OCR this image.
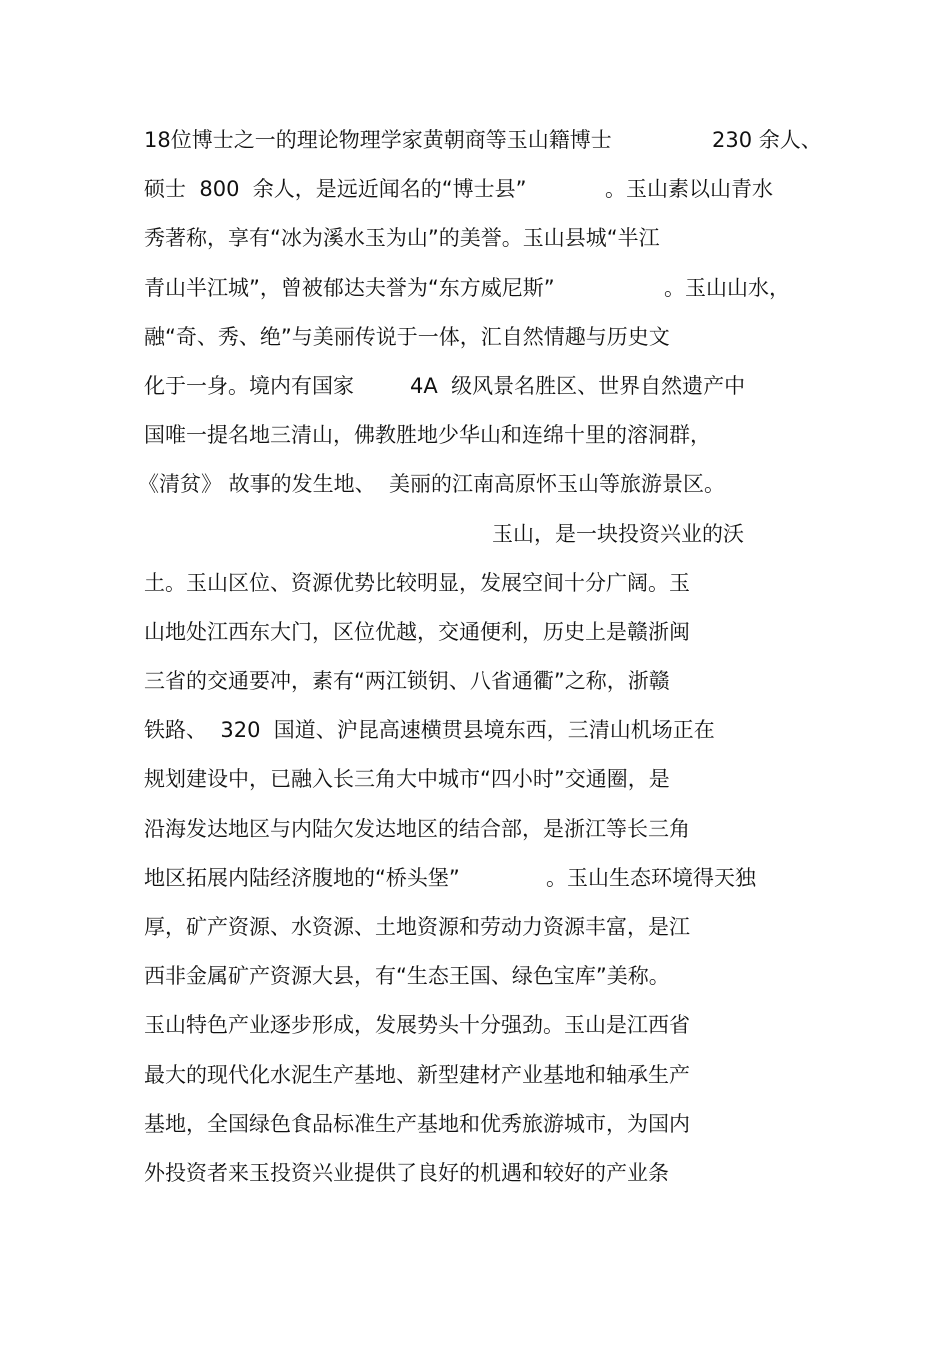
18位博士之一的理论物理学家黄朝商等玉山籍博士

	230 余人、

硕士  800  余人，是远近闻名的“博士县”

	。玉山素以山青水

秀著称，享有“冰为溪水玉为山”的美誉。玉山县城“半江

青山半江城”，曾被郁达夫誉为“东方威尼斯”

	。玉山山水，

融“奇、秀、绝”与美丽传说于一体，汇自然情趣与历史文

化于一身。境内有国家

	4A  级风景名胜区、世界自然遗产中

国唯一提名地三清山，佛教胜地少华山和连绵十里的溶洞群，

《清贫》 故事的发生地、  美丽的江南高原怀玉山等旅游景区。

玉山，是一块投资兴业的沃

土。玉山区位、资源优势比较明显，发展空间十分广阔。玉

山地处江西东大门，区位优越，交通便利，历史上是赣浙闽

三省的交通要冲，素有“两江锁钥、八省通衢”之称，浙赣

铁路、  320  国道、沪昆高速横贯县境东西，三清山机场正在

规划建设中，已融入长三角大中城市“四小时”交通圈，是

沿海发达地区与内陆欠发达地区的结合部，是浙江等长三角

地区拓展内陆经济腹地的“桥头堡”

	。玉山生态环境得天独

厚，矿产资源、水资源、土地资源和劳动力资源丰富，是江

西非金属矿产资源大县，有“生态王国、绿色宝库”美称。

玉山特色产业逐步形成，发展势头十分强劲。玉山是江西省

最大的现代化水泥生产基地、新型建材产业基地和轴承生产

基地，全国绿色食品标准生产基地和优秀旅游城市，为国内

外投资者来玉投资兴业提供了良好的机遇和较好的产业条
